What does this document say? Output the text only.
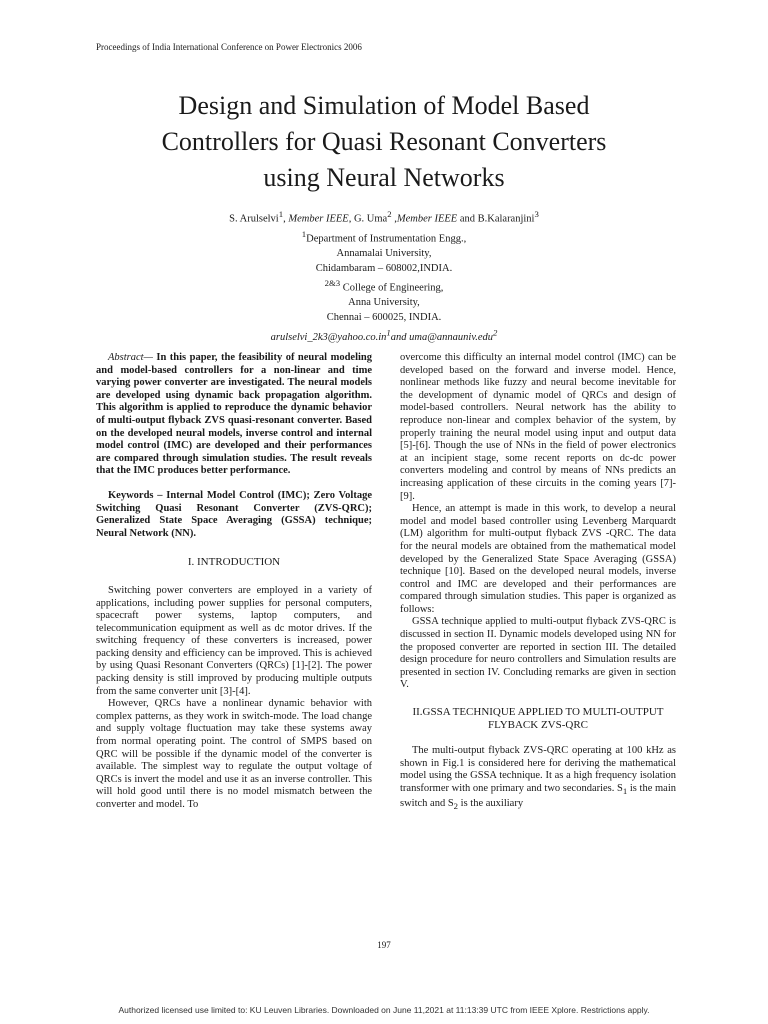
Proceedings of India International Conference on Power Electronics 2006
Design and Simulation of Model Based
Controllers for Quasi Resonant Converters
using Neural Networks
S. Arulselvi$^1$, Member IEEE, G. Uma$^2$ ,Member IEEE and B.Kalaranjini$^3$
$^1$Department of Instrumentation Engg.,
Annamalai University,
Chidambaram – 608002,INDIA.
$^{2\&3}$ College of Engineering,
Anna University,
Chennai – 600025, INDIA.
$arulselvi\_2k3@yahoo.co.in^1and$ uma@annauniv.edu$^2$

Abstract— In this paper, the feasibility of neural modeling and model-based controllers for a non-linear and time varying power converter are investigated. The neural models are developed using dynamic back propagation algorithm. This algorithm is applied to reproduce the dynamic behavior of multi-output flyback ZVS quasi-resonant converter. Based on the developed neural models, inverse control and internal model control (IMC) are developed and their performances are compared through simulation studies. The result reveals that the IMC produces better performance.

Keywords – Internal Model Control (IMC); Zero Voltage Switching Quasi Resonant Converter (ZVS-QRC); Generalized State Space Averaging (GSSA) technique; Neural Network (NN).

I. INTRODUCTION

Switching power converters are employed in a variety of applications, including power supplies for personal computers, spacecraft power systems, laptop computers, and telecommunication equipment as well as dc motor drives. If the switching frequency of these converters is increased, power packing density and efficiency can be improved. This is achieved by using Quasi Resonant Converters (QRCs) [1]-[2]. The power packing density is still improved by producing multiple outputs from the same converter unit [3]-[4].

However, QRCs have a nonlinear dynamic behavior with complex patterns, as they work in switch-mode. The load change and supply voltage fluctuation may take these systems away from normal operating point. The control of SMPS based on QRC will be possible if the dynamic model of the converter is available. The simplest way to regulate the output voltage of QRCs is invert the model and use it as an inverse controller. This will hold good until there is no model mismatch between the converter and model. To

overcome this difficulty an internal model control (IMC) can be developed based on the forward and inverse model. Hence, nonlinear methods like fuzzy and neural become inevitable for the development of dynamic model of QRCs and design of model-based controllers. Neural network has the ability to reproduce non-linear and complex behavior of the system, by properly training the neural model using input and output data [5]-[6]. Though the use of NNs in the field of power electronics at an incipient stage, some recent reports on dc-dc power converters modeling and control by means of NNs predicts an increasing application of these circuits in the coming years [7]-[9].

Hence, an attempt is made in this work, to develop a neural model and model based controller using Levenberg Marquardt (LM) algorithm for multi-output flyback ZVS -QRC. The data for the neural models are obtained from the mathematical model developed by the Generalized State Space Averaging (GSSA) technique [10]. Based on the developed neural models, inverse control and IMC are developed and their performances are compared through simulation studies. This paper is organized as follows:

GSSA technique applied to multi-output flyback ZVS-QRC is discussed in section II. Dynamic models developed using NN for the proposed converter are reported in section III. The detailed design procedure for neuro controllers and Simulation results are presented in section IV. Concluding remarks are given in section V.

II.GSSA TECHNIQUE APPLIED TO MULTI-OUTPUT FLYBACK ZVS-QRC

The multi-output flyback ZVS-QRC operating at 100 kHz as shown in Fig.1 is considered here for deriving the mathematical model using the GSSA technique. It as a high frequency isolation transformer with one primary and two secondaries. $S_1$ is the main switch and $S_2$ is the auxiliary

197
Authorized licensed use limited to: KU Leuven Libraries. Downloaded on June 11,2021 at 11:13:39 UTC from IEEE Xplore. Restrictions apply.
